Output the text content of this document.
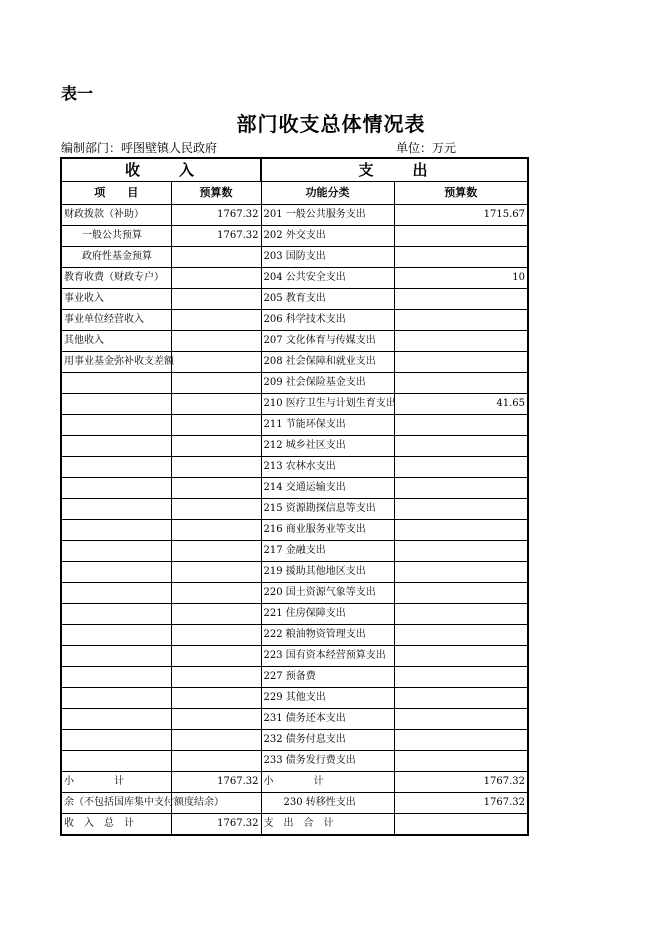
表一
部门收支总体情况表
编制部门：呼图壁镇人民政府	单位：万元
收　　入		支　　出	
项　　目	预算数	功能分类	预算数
财政拨款（补助）	1767.32	201 一般公共服务支出	1715.67
一般公共预算	1767.32	202 外交支出	
政府性基金预算		203 国防支出	
教育收费（财政专户）		204 公共安全支出	10
事业收入		205 教育支出	
事业单位经营收入		206 科学技术支出	
其他收入		207 文化体育与传媒支出	
用事业基金弥补收支差额		208 社会保障和就业支出	
		209 社会保险基金支出	
		210 医疗卫生与计划生育支出	41.65
		211 节能环保支出	
		212 城乡社区支出	
		213 农林水支出	
		214 交通运输支出	
		215 资源勘探信息等支出	
		216 商业服务业等支出	
		217 金融支出	
		219 援助其他地区支出	
		220 国土资源气象等支出	
		221 住房保障支出	
		222 粮油物资管理支出	
		223 国有资本经营预算支出	
		227 预备费	
		229 其他支出	
		231 债务还本支出	
		232 债务付息支出	
		233 债务发行费支出	
小　　　　计	1767.32	小　　　　计	1767.32
余（不包括国库集中支付额度结余）		　　230 转移性支出	1767.32
收　入　总　计	1767.32	支　出　合　计	
